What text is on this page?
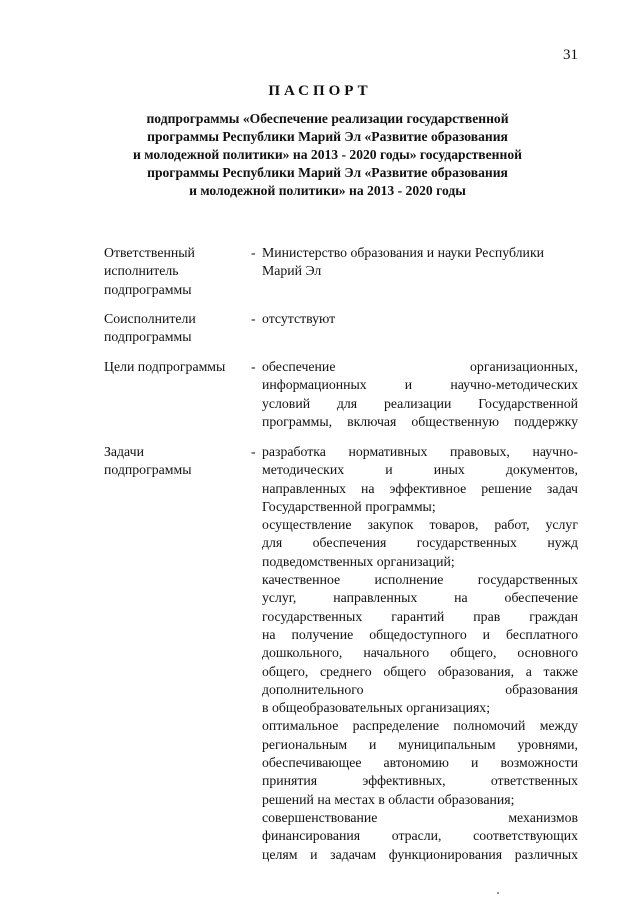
31
ПАСПОРТ
подпрограммы «Обеспечение реализации государственной
программы Республики Марий Эл «Развитие образования
и молодежной политики» на 2013 - 2020 годы» государственной
программы Республики Марий Эл «Развитие образования
и молодежной политики» на 2013 - 2020 годы
Ответственный
исполнитель
подпрограммы
- Министерство образования и науки Республики
Марий Эл
Соисполнители
подпрограммы
- отсутствуют
Цели подпрограммы	- обеспечение организационных,
информационных и научно-методических
условий для реализации Государственной
программы, включая общественную поддержку
Задачи
подпрограммы
- разработка нормативных правовых, научно-
методических и иных документов,
направленных на эффективное решение задач
Государственной программы;
осуществление закупок товаров, работ, услуг
для обеспечения государственных нужд
подведомственных организаций;
качественное исполнение государственных
услуг, направленных на обеспечение
государственных гарантий прав граждан
на получение общедоступного и бесплатного
дошкольного, начального общего, основного
общего, среднего общего образования, а также
дополнительного образования
в общеобразовательных организациях;
оптимальное распределение полномочий между
региональным и муниципальным уровнями,
обеспечивающее автономию и возможности
принятия эффективных, ответственных
решений на местах в области образования;
совершенствование механизмов
финансирования отрасли, соответствующих
целям и задачам функционирования различных
